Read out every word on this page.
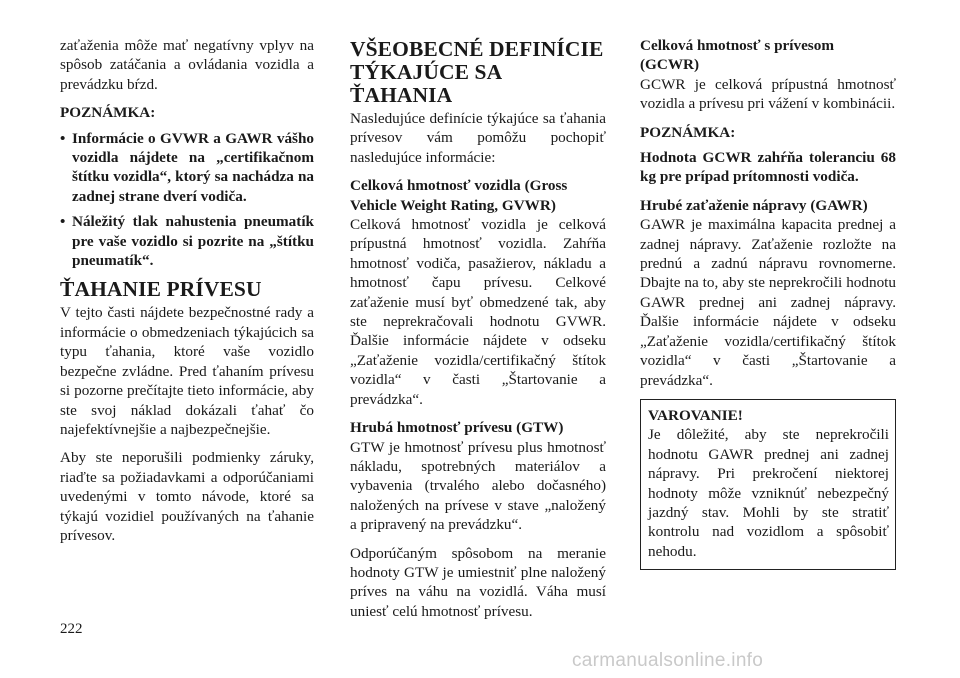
zaťaženia môže mať negatívny vplyv na spôsob zatáčania a ovládania vozidla a prevádzku bŕzd.

POZNÁMKA:
• Informácie o GVWR a GAWR vášho vozidla nájdete na „certifikačnom štítku vozidla“, ktorý sa nachádza na zadnej strane dverí vodiča.
• Náležitý tlak nahustenia pneumatík pre vaše vozidlo si pozrite na „štítku pneumatík“.
ŤAHANIE PRÍVESU

V tejto časti nájdete bezpečnostné rady a informácie o obmedzeniach týkajúcich sa typu ťahania, ktoré vaše vozidlo bezpečne zvládne. Pred ťahaním prívesu si pozorne prečítajte tieto informácie, aby ste svoj náklad dokázali ťahať čo najefektívnejšie a najbezpečnejšie.

Aby ste neporušili podmienky záruky, riaďte sa požiadavkami a odporúčaniami uvedenými v tomto návode, ktoré sa týkajú vozidiel používaných na ťahanie prívesov.

VŠEOBECNÉ DEFINÍCIE TÝKAJÚCE SA ŤAHANIA

Nasledujúce definície týkajúce sa ťahania prívesov vám pomôžu pochopiť nasledujúce informácie:

Celková hmotnosť vozidla (Gross Vehicle Weight Rating, GVWR)

Celková hmotnosť vozidla je celková prípustná hmotnosť vozidla. Zahŕňa hmotnosť vodiča, pasažierov, nákladu a hmotnosť čapu prívesu. Celkové zaťaženie musí byť obmedzené tak, aby ste neprekračovali hodnotu GVWR. Ďalšie informácie nájdete v odseku „Zaťaženie vozidla/certifikačný štítok vozidla“ v časti „Štartovanie a prevádzka“.

Hrubá hmotnosť prívesu (GTW)

GTW je hmotnosť prívesu plus hmotnosť nákladu, spotrebných materiálov a vybavenia (trvalého alebo dočasného) naložených na prívese v stave „naložený a pripravený na prevádzku“.

Odporúčaným spôsobom na meranie hodnoty GTW je umiestniť plne naložený príves na váhu na vozidlá. Váha musí uniesť celú hmotnosť prívesu.

Celková hmotnosť s prívesom (GCWR)

GCWR je celková prípustná hmotnosť vozidla a prívesu pri vážení v kombinácii.

POZNÁMKA:

Hodnota GCWR zahŕňa toleranciu 68 kg pre prípad prítomnosti vodiča.

Hrubé zaťaženie nápravy (GAWR)

GAWR je maximálna kapacita prednej a zadnej nápravy. Zaťaženie rozložte na prednú a zadnú nápravu rovnomerne. Dbajte na to, aby ste neprekročili hodnotu GAWR prednej ani zadnej nápravy. Ďalšie informácie nájdete v odseku „Zaťaženie vozidla/certifikačný štítok vozidla“ v časti „Štartovanie a prevádzka“.

VAROVANIE!

Je dôležité, aby ste neprekročili hodnotu GAWR prednej ani zadnej nápravy. Pri prekročení niektorej hodnoty môže vzniknúť nebezpečný jazdný stav. Mohli by ste stratiť kontrolu nad vozidlom a spôsobiť nehodu.

222
carmanualsonline.info
